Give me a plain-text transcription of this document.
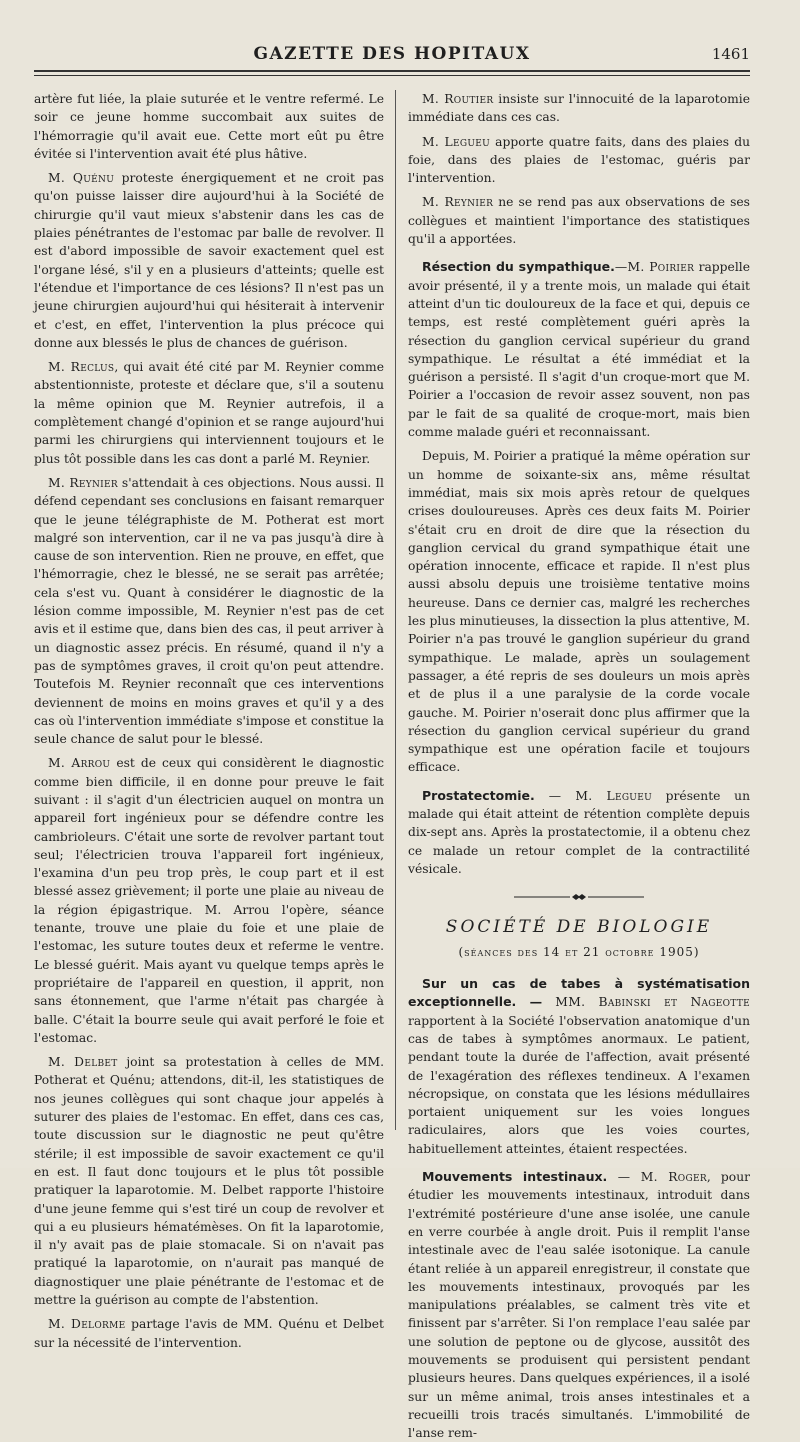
GAZETTE DES HOPITAUX	1461

artère fut liée, la plaie suturée et le ventre refermé. Le soir ce jeune homme succombait aux suites de l'hémorragie qu'il avait eue. Cette mort eût pu être évitée si l'intervention avait été plus hâtive.

M. Quénu proteste énergiquement et ne croit pas qu'on puisse laisser dire aujourd'hui à la Société de chirurgie qu'il vaut mieux s'abstenir dans les cas de plaies pénétrantes de l'estomac par balle de revolver. Il est d'abord impossible de savoir exactement quel est l'organe lésé, s'il y en a plusieurs d'atteints; quelle est l'étendue et l'importance de ces lésions? Il n'est pas un jeune chirurgien aujourd'hui qui hésiterait à intervenir et c'est, en effet, l'intervention la plus précoce qui donne aux blessés le plus de chances de guérison.

M. Reclus, qui avait été cité par M. Reynier comme abstentionniste, proteste et déclare que, s'il a soutenu la même opinion que M. Reynier autrefois, il a complètement changé d'opinion et se range aujourd'hui parmi les chirurgiens qui interviennent toujours et le plus tôt possible dans les cas dont a parlé M. Reynier.

M. Reynier s'attendait à ces objections. Nous aussi. Il défend cependant ses conclusions en faisant remarquer que le jeune télégraphiste de M. Potherat est mort malgré son intervention, car il ne va pas jusqu'à dire à cause de son intervention. Rien ne prouve, en effet, que l'hémorragie, chez le blessé, ne se serait pas arrêtée; cela s'est vu. Quant à considérer le diagnostic de la lésion comme impossible, M. Reynier n'est pas de cet avis et il estime que, dans bien des cas, il peut arriver à un diagnostic assez précis. En résumé, quand il n'y a pas de symptômes graves, il croit qu'on peut attendre. Toutefois M. Reynier reconnaît que ces interventions deviennent de moins en moins graves et qu'il y a des cas où l'intervention immédiate s'impose et constitue la seule chance de salut pour le blessé.

M. Arrou est de ceux qui considèrent le diagnostic comme bien difficile, il en donne pour preuve le fait suivant : il s'agit d'un électricien auquel on montra un appareil fort ingénieux pour se défendre contre les cambrioleurs. C'était une sorte de revolver partant tout seul; l'électricien trouva l'appareil fort ingénieux, l'examina d'un peu trop près, le coup part et il est blessé assez grièvement; il porte une plaie au niveau de la région épigastrique. M. Arrou l'opère, séance tenante, trouve une plaie du foie et une plaie de l'estomac, les suture toutes deux et referme le ventre. Le blessé guérit. Mais ayant vu quelque temps après le propriétaire de l'appareil en question, il apprit, non sans étonnement, que l'arme n'était pas chargée à balle. C'était la bourre seule qui avait perforé le foie et l'estomac.

M. Delbet joint sa protestation à celles de MM. Potherat et Quénu; attendons, dit-il, les statistiques de nos jeunes collègues qui sont chaque jour appelés à suturer des plaies de l'estomac. En effet, dans ces cas, toute discussion sur le diagnostic ne peut qu'être stérile; il est impossible de savoir exactement ce qu'il en est. Il faut donc toujours et le plus tôt possible pratiquer la laparotomie. M. Delbet rapporte l'histoire d'une jeune femme qui s'est tiré un coup de revolver et qui a eu plusieurs hématémèses. On fit la laparotomie, il n'y avait pas de plaie stomacale. Si on n'avait pas pratiqué la laparotomie, on n'aurait pas manqué de diagnostiquer une plaie pénétrante de l'estomac et de mettre la guérison au compte de l'abstention.

M. Delorme partage l'avis de MM. Quénu et Delbet sur la nécessité de l'intervention.

M. Routier insiste sur l'innocuité de la laparotomie immédiate dans ces cas.

M. Legueu apporte quatre faits, dans des plaies du foie, dans des plaies de l'estomac, guéris par l'intervention.

M. Reynier ne se rend pas aux observations de ses collègues et maintient l'importance des statistiques qu'il a apportées.

Résection du sympathique.—M. Poirier rappelle avoir présenté, il y a trente mois, un malade qui était atteint d'un tic douloureux de la face et qui, depuis ce temps, est resté complètement guéri après la résection du ganglion cervical supérieur du grand sympathique. Le résultat a été immédiat et la guérison a persisté. Il s'agit d'un croque-mort que M. Poirier a l'occasion de revoir assez souvent, non pas par le fait de sa qualité de croque-mort, mais bien comme malade guéri et reconnaissant.

Depuis, M. Poirier a pratiqué la même opération sur un homme de soixante-six ans, même résultat immédiat, mais six mois après retour de quelques crises douloureuses. Après ces deux faits M. Poirier s'était cru en droit de dire que la résection du ganglion cervical du grand sympathique était une opération innocente, efficace et rapide. Il n'est plus aussi absolu depuis une troisième tentative moins heureuse. Dans ce dernier cas, malgré les recherches les plus minutieuses, la dissection la plus attentive, M. Poirier n'a pas trouvé le ganglion supérieur du grand sympathique. Le malade, après un soulagement passager, a été repris de ses douleurs un mois après et de plus il a une paralysie de la corde vocale gauche. M. Poirier n'oserait donc plus affirmer que la résection du ganglion cervical supérieur du grand sympathique est une opération facile et toujours efficace.

Prostatectomie. — M. Legueu présente un malade qui était atteint de rétention complète depuis dix-sept ans. Après la prostatectomie, il a obtenu chez ce malade un retour complet de la contractilité vésicale.

SOCIÉTÉ DE BIOLOGIE
(séances des 14 et 21 octobre 1905)

Sur un cas de tabes à systématisation exceptionnelle. — MM. Babinski et Nageotte rapportent à la Société l'observation anatomique d'un cas de tabes à symptômes anormaux. Le patient, pendant toute la durée de l'affection, avait présenté de l'exagération des réflexes tendineux. A l'examen nécropsique, on constata que les lésions médullaires portaient uniquement sur les voies longues radiculaires, alors que les voies courtes, habituellement atteintes, étaient respectées.

Mouvements intestinaux. — M. Roger, pour étudier les mouvements intestinaux, introduit dans l'extrémité postérieure d'une anse isolée, une canule en verre courbée à angle droit. Puis il remplit l'anse intestinale avec de l'eau salée isotonique. La canule étant reliée à un appareil enregistreur, il constate que les mouvements intestinaux, provoqués par les manipulations préalables, se calment très vite et finissent par s'arrêter. Si l'on remplace l'eau salée par une solution de peptone ou de glycose, aussitôt des mouvements se produisent qui persistent pendant plusieurs heures. Dans quelques expériences, il a isolé sur un même animal, trois anses intestinales et a recueilli trois tracés simultanés. L'immobilité de l'anse rem-
